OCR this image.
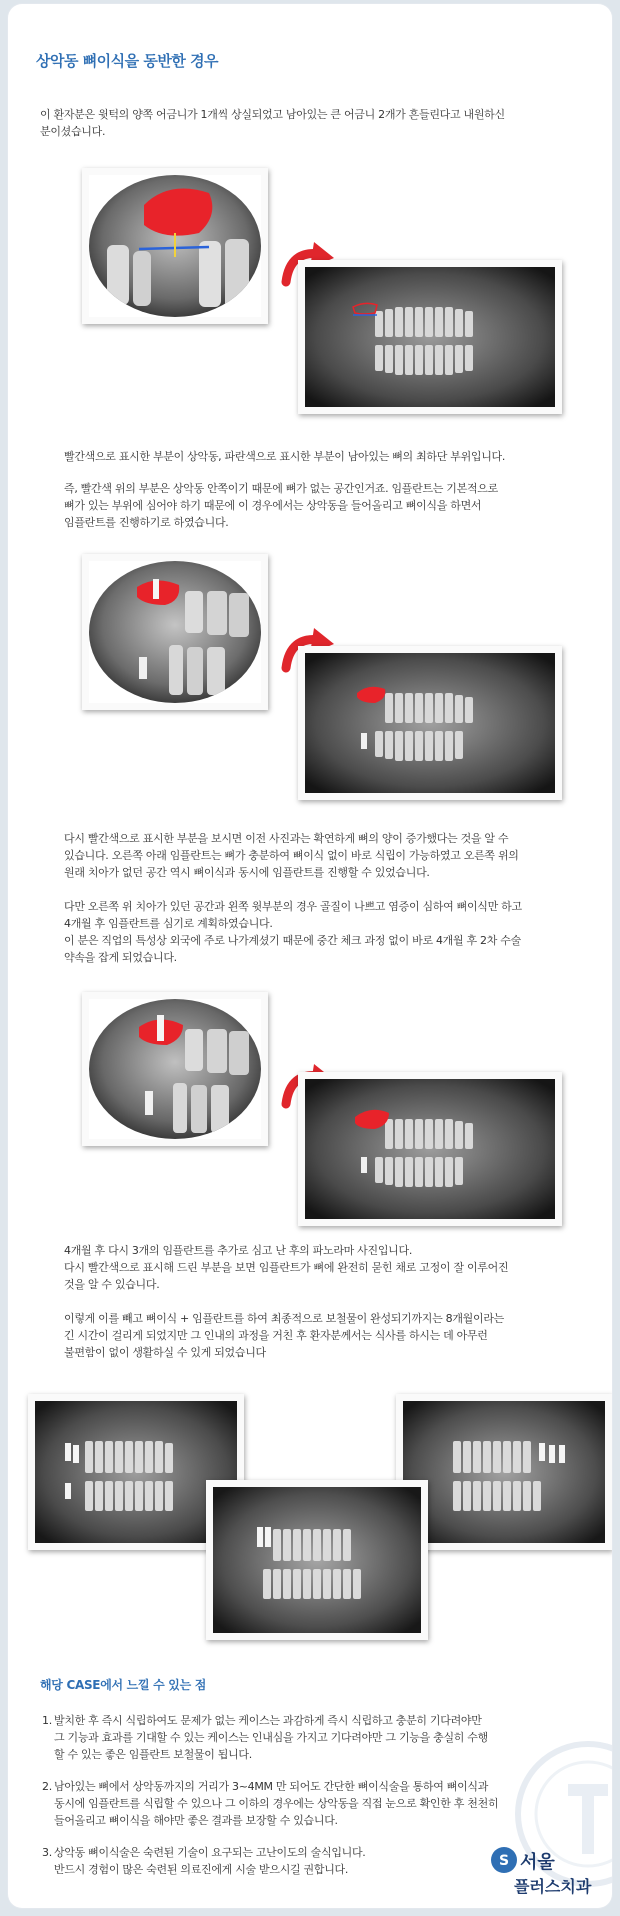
상악동 뼈이식을 동반한 경우
이 환자분은 윗턱의 양쪽 어금니가 1개씩 상실되었고 남아있는 큰 어금니 2개가 흔들린다고 내원하신
분이셨습니다.
빨간색으로 표시한 부분이 상악동, 파란색으로 표시한 부분이 남아있는 뼈의 최하단 부위입니다.
즉, 빨간색 위의 부분은 상악동 안쪽이기 때문에 뼈가 없는 공간인거죠. 임플란트는 기본적으로
뼈가 있는 부위에 심어야 하기 때문에 이 경우에서는 상악동을 들어올리고 뼈이식을 하면서
임플란트를 진행하기로 하였습니다.
다시 빨간색으로 표시한 부분을 보시면 이전 사진과는 확연하게 뼈의 양이 증가했다는 것을 알 수
있습니다. 오른쪽 아래 임플란트는 뼈가 충분하여 뼈이식 없이 바로 식립이 가능하였고 오른쪽 위의
원래 치아가 없던 공간 역시 뼈이식과 동시에 임플란트를 진행할 수 있었습니다.
다만 오른쪽 위 치아가 있던 공간과 왼쪽 윗부분의 경우 골질이 나쁘고 염증이 심하여 뼈이식만 하고
4개월 후 임플란트를 심기로 계획하였습니다.
이 분은 직업의 특성상 외국에 주로 나가계셨기 때문에 중간 체크 과정 없이 바로 4개월 후 2차 수술
약속을 잡게 되었습니다.
4개월 후 다시 3개의 임플란트를 추가로 심고 난 후의 파노라마 사진입니다.
다시 빨간색으로 표시해 드린 부분을 보면 임플란트가 뼈에 완전히 묻힌 채로 고정이 잘 이루어진
것을 알 수 있습니다.
이렇게 이를 빼고 뼈이식 + 임플란트를 하여 최종적으로 보철물이 완성되기까지는 8개월이라는
긴 시간이 걸리게 되었지만 그 인내의 과정을 거친 후 환자분께서는 식사를 하시는 데 아무런
불편함이 없이 생활하실 수 있게 되었습니다
해당 CASE에서 느낄 수 있는 점
1. 발치한 후 즉시 식립하여도 문제가 없는 케이스는 과감하게 즉시 식립하고 충분히 기다려야만
그 기능과 효과를 기대할 수 있는 케이스는 인내심을 가지고 기다려야만 그 기능을 충실히 수행
할 수 있는 좋은 임플란트 보철물이 됩니다.
2. 남아있는 뼈에서 상악동까지의 거리가 3~4MM 만 되어도 간단한 뼈이식술을 통하여 뼈이식과
동시에 임플란트를 식립할 수 있으나 그 이하의 경우에는 상악동을 직접 눈으로 확인한 후 천천히
들어올리고 뼈이식을 해야만 좋은 결과를 보장할 수 있습니다.
3. 상악동 뼈이식술은 숙련된 기술이 요구되는 고난이도의 술식입니다.
반드시 경험이 많은 숙련된 의료진에게 시술 받으시길 권합니다.
S 서울
플러스치과
